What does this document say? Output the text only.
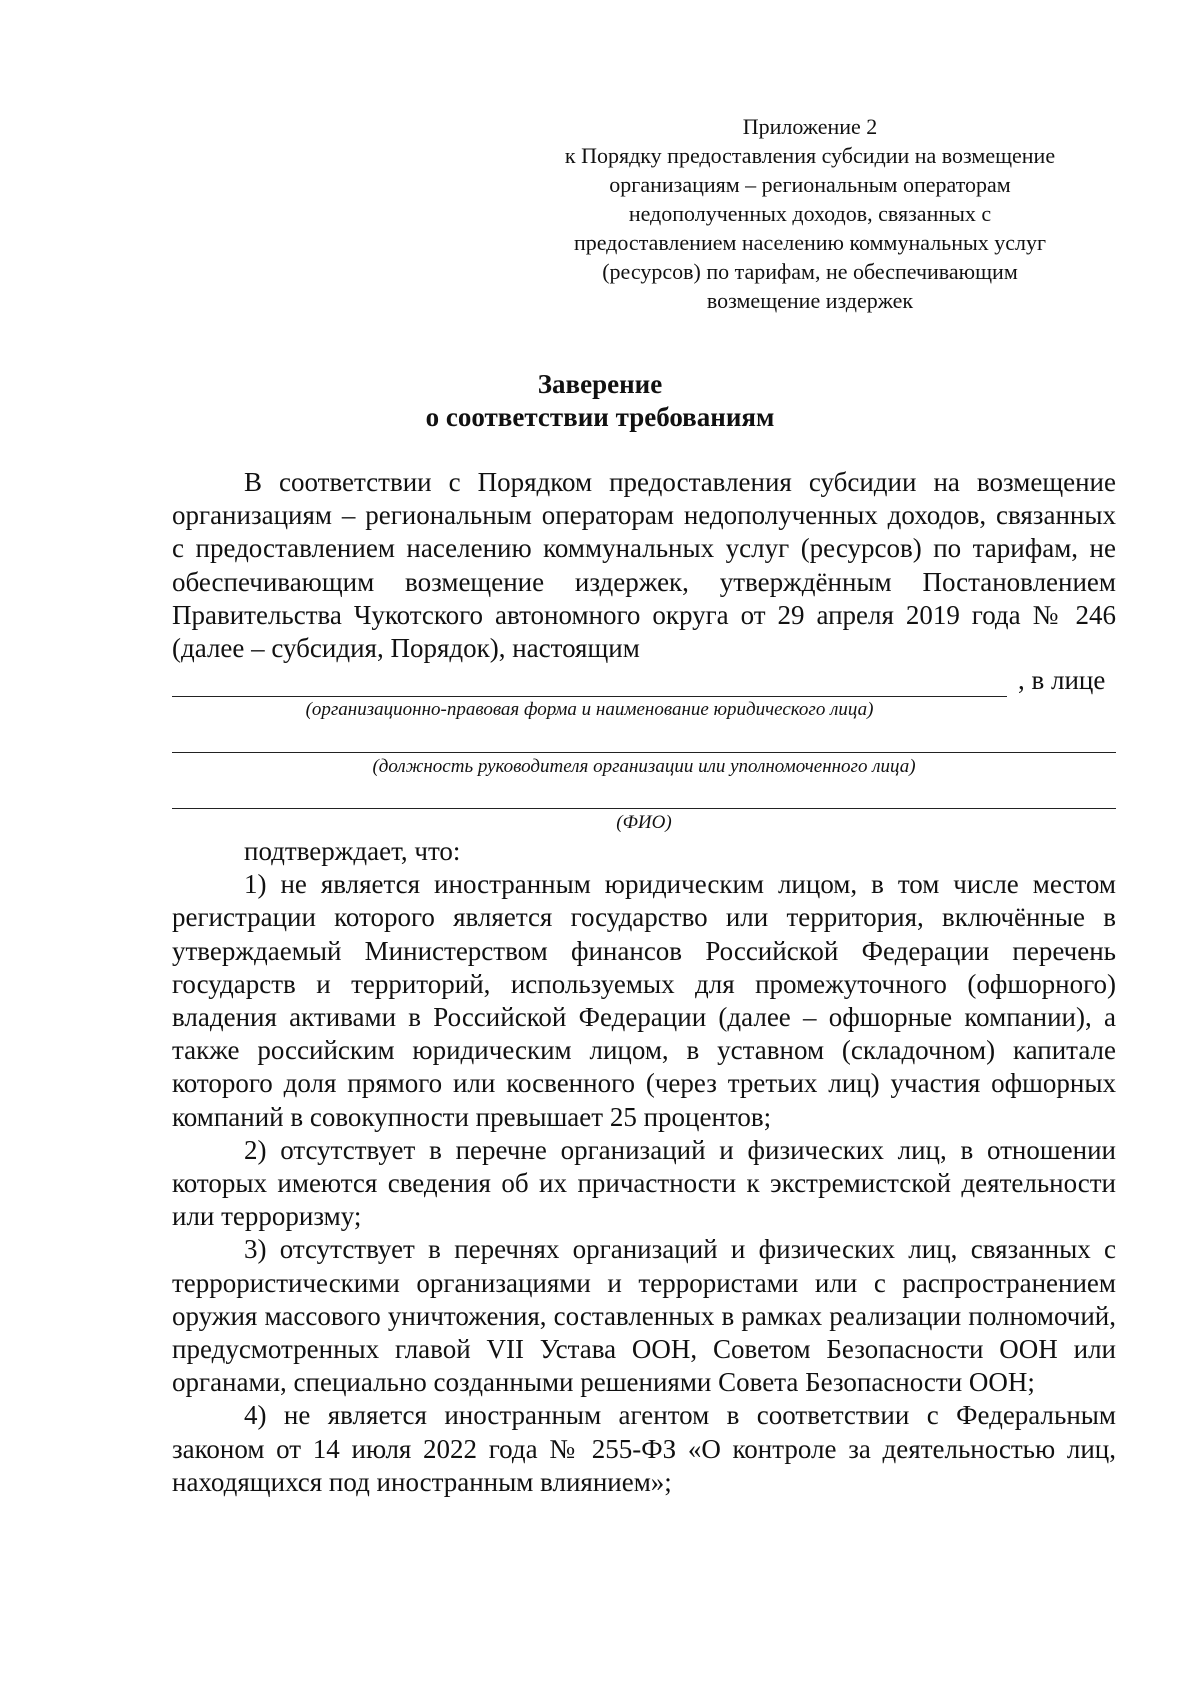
Приложение 2
к Порядку предоставления субсидии на возмещение
организациям – региональным операторам
недополученных доходов, связанных с
предоставлением населению коммунальных услуг
(ресурсов) по тарифам, не обеспечивающим
возмещение издержек
Заверение
о соответствии требованиям

В соответствии с Порядком предоставления субсидии на возмещение организациям – региональным операторам недополученных доходов, связанных с предоставлением населению коммунальных услуг (ресурсов) по тарифам, не обеспечивающим возмещение издержек, утверждённым Постановлением Правительства Чукотского автономного округа от 29 апреля 2019 года № 246 (далее – субсидия, Порядок), настоящим

, в лице
(организационно-правовая форма и наименование юридического лица)
(должность руководителя организации или уполномоченного лица)
(ФИО)

подтверждает, что:

1) не является иностранным юридическим лицом, в том числе местом регистрации которого является государство или территория, включённые в утверждаемый Министерством финансов Российской Федерации перечень государств и территорий, используемых для промежуточного (офшорного) владения активами в Российской Федерации (далее – офшорные компании), а также российским юридическим лицом, в уставном (складочном) капитале которого доля прямого или косвенного (через третьих лиц) участия офшорных компаний в совокупности превышает 25 процентов;

2) отсутствует в перечне организаций и физических лиц, в отношении которых имеются сведения об их причастности к экстремистской деятельности или терроризму;

3) отсутствует в перечнях организаций и физических лиц, связанных с террористическими организациями и террористами или с распространением оружия массового уничтожения, составленных в рамках реализации полномочий, предусмотренных главой VII Устава ООН, Советом Безопасности ООН или органами, специально созданными решениями Совета Безопасности ООН;

4) не является иностранным агентом в соответствии с Федеральным законом от 14 июля 2022 года № 255-ФЗ «О контроле за деятельностью лиц, находящихся под иностранным влиянием»;
